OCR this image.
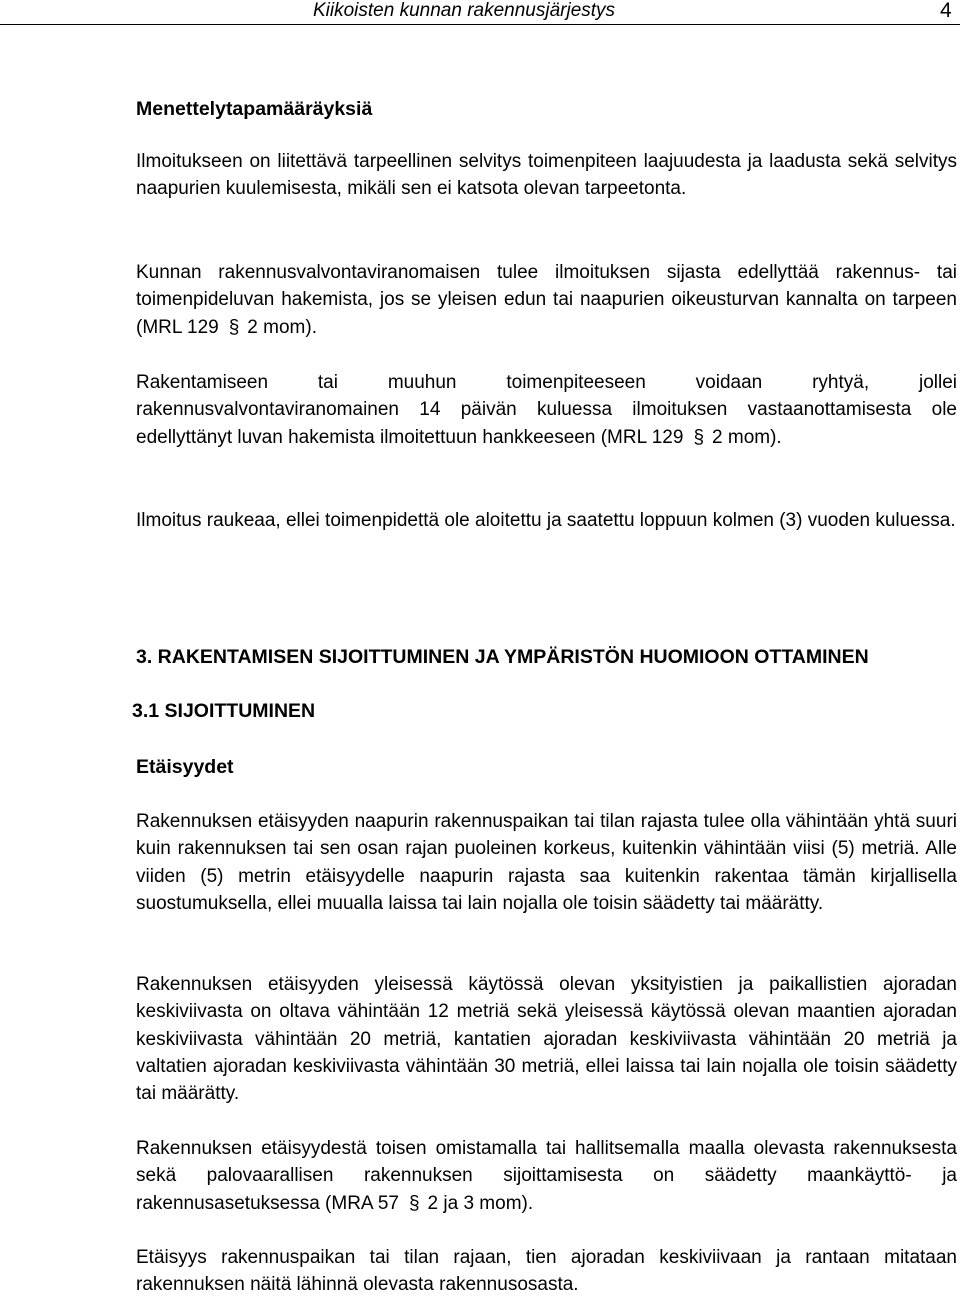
Kiikoisten kunnan rakennusjärjestys	4
Menettelytapamääräyksiä

Ilmoitukseen on liitettävä tarpeellinen selvitys toimenpiteen laajuudesta ja laadusta sekä selvitys naapurien kuulemisesta, mikäli sen ei katsota olevan tarpeetonta.

Kunnan rakennusvalvontaviranomaisen tulee ilmoituksen sijasta edellyttää rakennus- tai toimenpideluvan hakemista, jos se yleisen edun tai naapurien oikeusturvan kannalta on tarpeen (MRL 129 § 2 mom).

Rakentamiseen tai muuhun toimenpiteeseen voidaan ryhtyä, jollei rakennusvalvontaviranomainen 14 päivän kuluessa ilmoituksen vastaanottamisesta ole edellyttänyt luvan hakemista ilmoitettuun hankkeeseen (MRL 129 § 2 mom).

Ilmoitus raukeaa, ellei toimenpidettä ole aloitettu ja saatettu loppuun kolmen (3) vuoden kuluessa.

3. RAKENTAMISEN SIJOITTUMINEN JA YMPÄRISTÖN HUOMIOON OTTAMINEN
3.1 SIJOITTUMINEN
Etäisyydet

Rakennuksen etäisyyden naapurin rakennuspaikan tai tilan rajasta tulee olla vähintään yhtä suuri kuin rakennuksen tai sen osan rajan puoleinen korkeus, kuitenkin vähintään viisi (5) metriä. Alle viiden (5) metrin etäisyydelle naapurin rajasta saa kuitenkin rakentaa tämän kirjallisella suostumuksella, ellei muualla laissa tai lain nojalla ole toisin säädetty tai määrätty.

Rakennuksen etäisyyden yleisessä käytössä olevan yksityistien ja paikallistien ajoradan keskiviivasta on oltava vähintään 12 metriä sekä yleisessä käytössä olevan maantien ajoradan keskiviivasta vähintään 20 metriä, kantatien ajoradan keskiviivasta vähintään 20 metriä ja valtatien ajoradan keskiviivasta vähintään 30 metriä, ellei laissa tai lain nojalla ole toisin säädetty tai määrätty.

Rakennuksen etäisyydestä toisen omistamalla tai hallitsemalla maalla olevasta rakennuksesta sekä palovaarallisen rakennuksen sijoittamisesta on säädetty maankäyttö- ja rakennusasetuksessa (MRA 57 § 2 ja 3 mom).

Etäisyys rakennuspaikan tai tilan rajaan, tien ajoradan keskiviivaan ja rantaan mitataan rakennuksen näitä lähinnä olevasta rakennusosasta.
